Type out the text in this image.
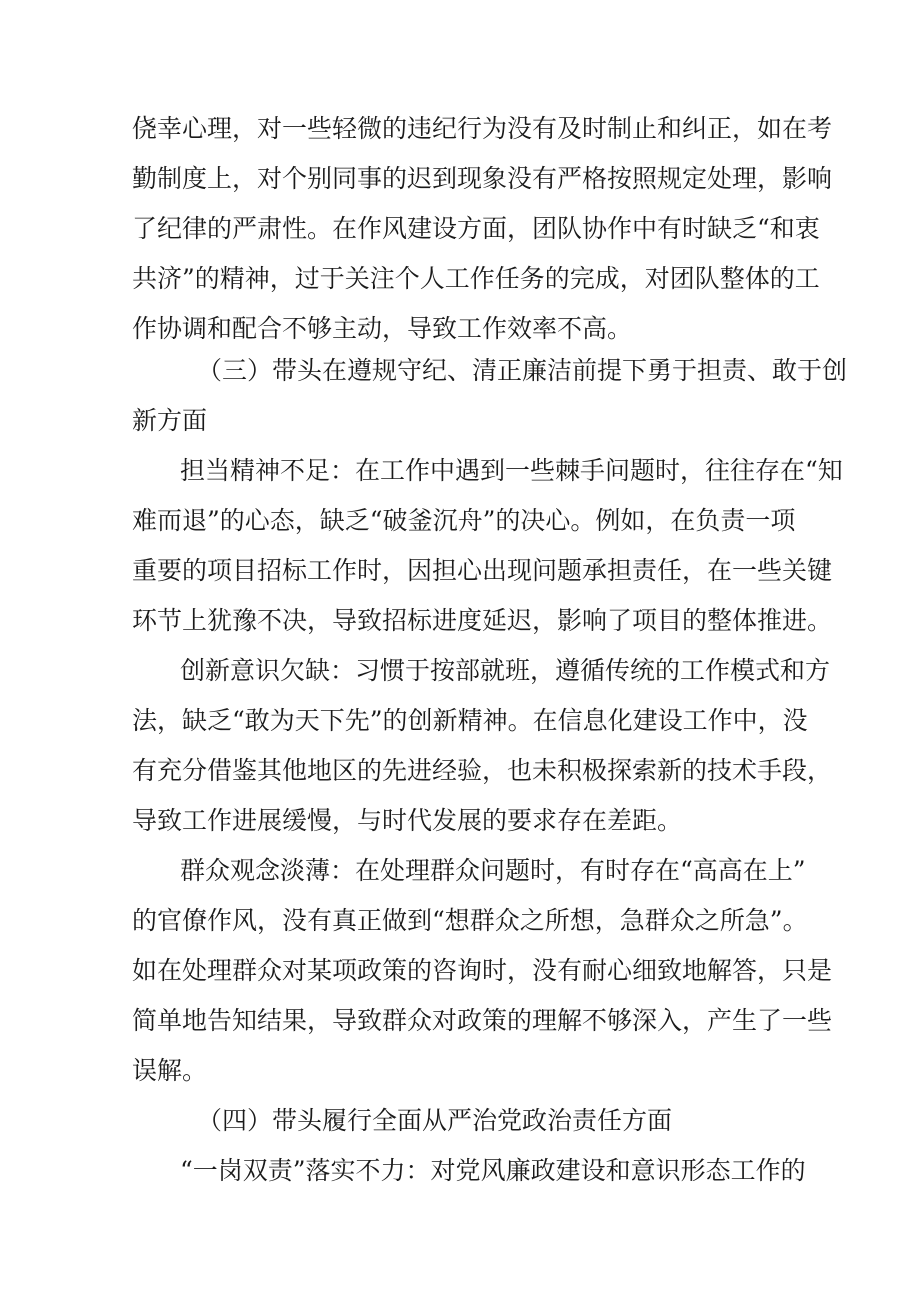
侥幸心理，对一些轻微的违纪行为没有及时制止和纠正，如在考
勤制度上，对个别同事的迟到现象没有严格按照规定处理，影响
了纪律的严肃性。在作风建设方面，团队协作中有时缺乏“和衷
共济”的精神，过于关注个人工作任务的完成，对团队整体的工
作协调和配合不够主动，导致工作效率不高。
（三）带头在遵规守纪、清正廉洁前提下勇于担责、敢于创
新方面
担当精神不足：在工作中遇到一些棘手问题时，往往存在“知
难而退”的心态，缺乏“破釜沉舟”的决心。例如，在负责一项
重要的项目招标工作时，因担心出现问题承担责任，在一些关键
环节上犹豫不决，导致招标进度延迟，影响了项目的整体推进。
创新意识欠缺：习惯于按部就班，遵循传统的工作模式和方
法，缺乏“敢为天下先”的创新精神。在信息化建设工作中，没
有充分借鉴其他地区的先进经验，也未积极探索新的技术手段，
导致工作进展缓慢，与时代发展的要求存在差距。
群众观念淡薄：在处理群众问题时，有时存在“高高在上”
的官僚作风，没有真正做到“想群众之所想，急群众之所急”。
如在处理群众对某项政策的咨询时，没有耐心细致地解答，只是
简单地告知结果，导致群众对政策的理解不够深入，产生了一些
误解。
（四）带头履行全面从严治党政治责任方面
“一岗双责”落实不力：对党风廉政建设和意识形态工作的
